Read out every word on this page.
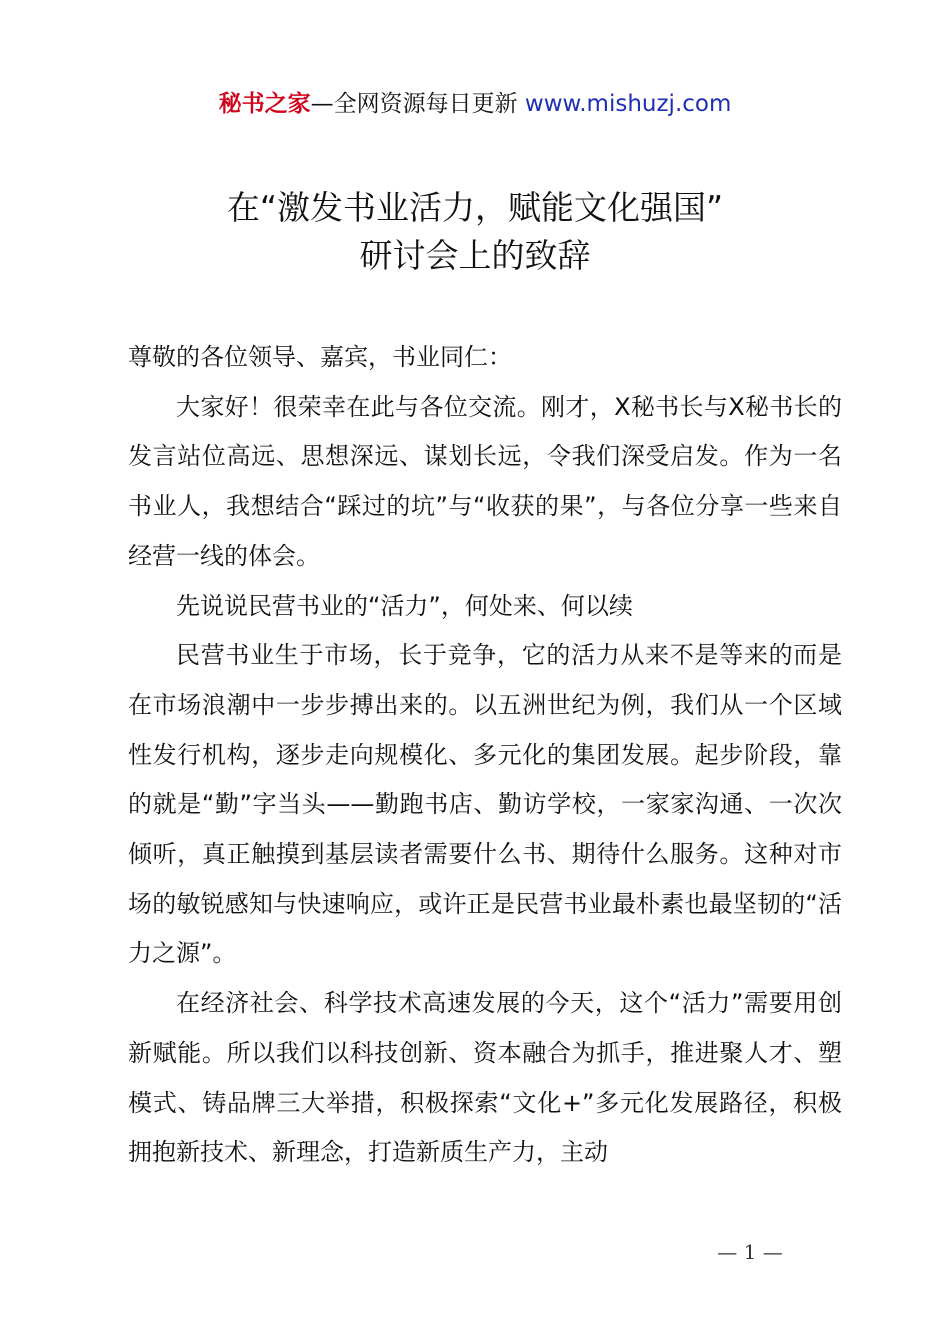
秘书之家—全网资源每日更新 www.mishuzj.com
在“激发书业活力，赋能文化强国”
研讨会上的致辞

尊敬的各位领导、嘉宾，书业同仁：

大家好！很荣幸在此与各位交流。刚才，X秘书长与X秘书长的发言站位高远、思想深远、谋划长远，令我们深受启发。作为一名书业人，我想结合“踩过的坑”与“收获的果”，与各位分享一些来自经营一线的体会。

先说说民营书业的“活力”，何处来、何以续

民营书业生于市场，长于竞争，它的活力从来不是等来的而是在市场浪潮中一步步搏出来的。以五洲世纪为例，我们从一个区域性发行机构，逐步走向规模化、多元化的集团发展。起步阶段，靠的就是“勤”字当头——勤跑书店、勤访学校，一家家沟通、一次次倾听，真正触摸到基层读者需要什么书、期待什么服务。这种对市场的敏锐感知与快速响应，或许正是民营书业最朴素也最坚韧的“活力之源”。

在经济社会、科学技术高速发展的今天，这个“活力”需要用创新赋能。所以我们以科技创新、资本融合为抓手，推进聚人才、塑模式、铸品牌三大举措，积极探索“文化+”多元化发展路径，积极拥抱新技术、新理念，打造新质生产力，主动

— 1 —
